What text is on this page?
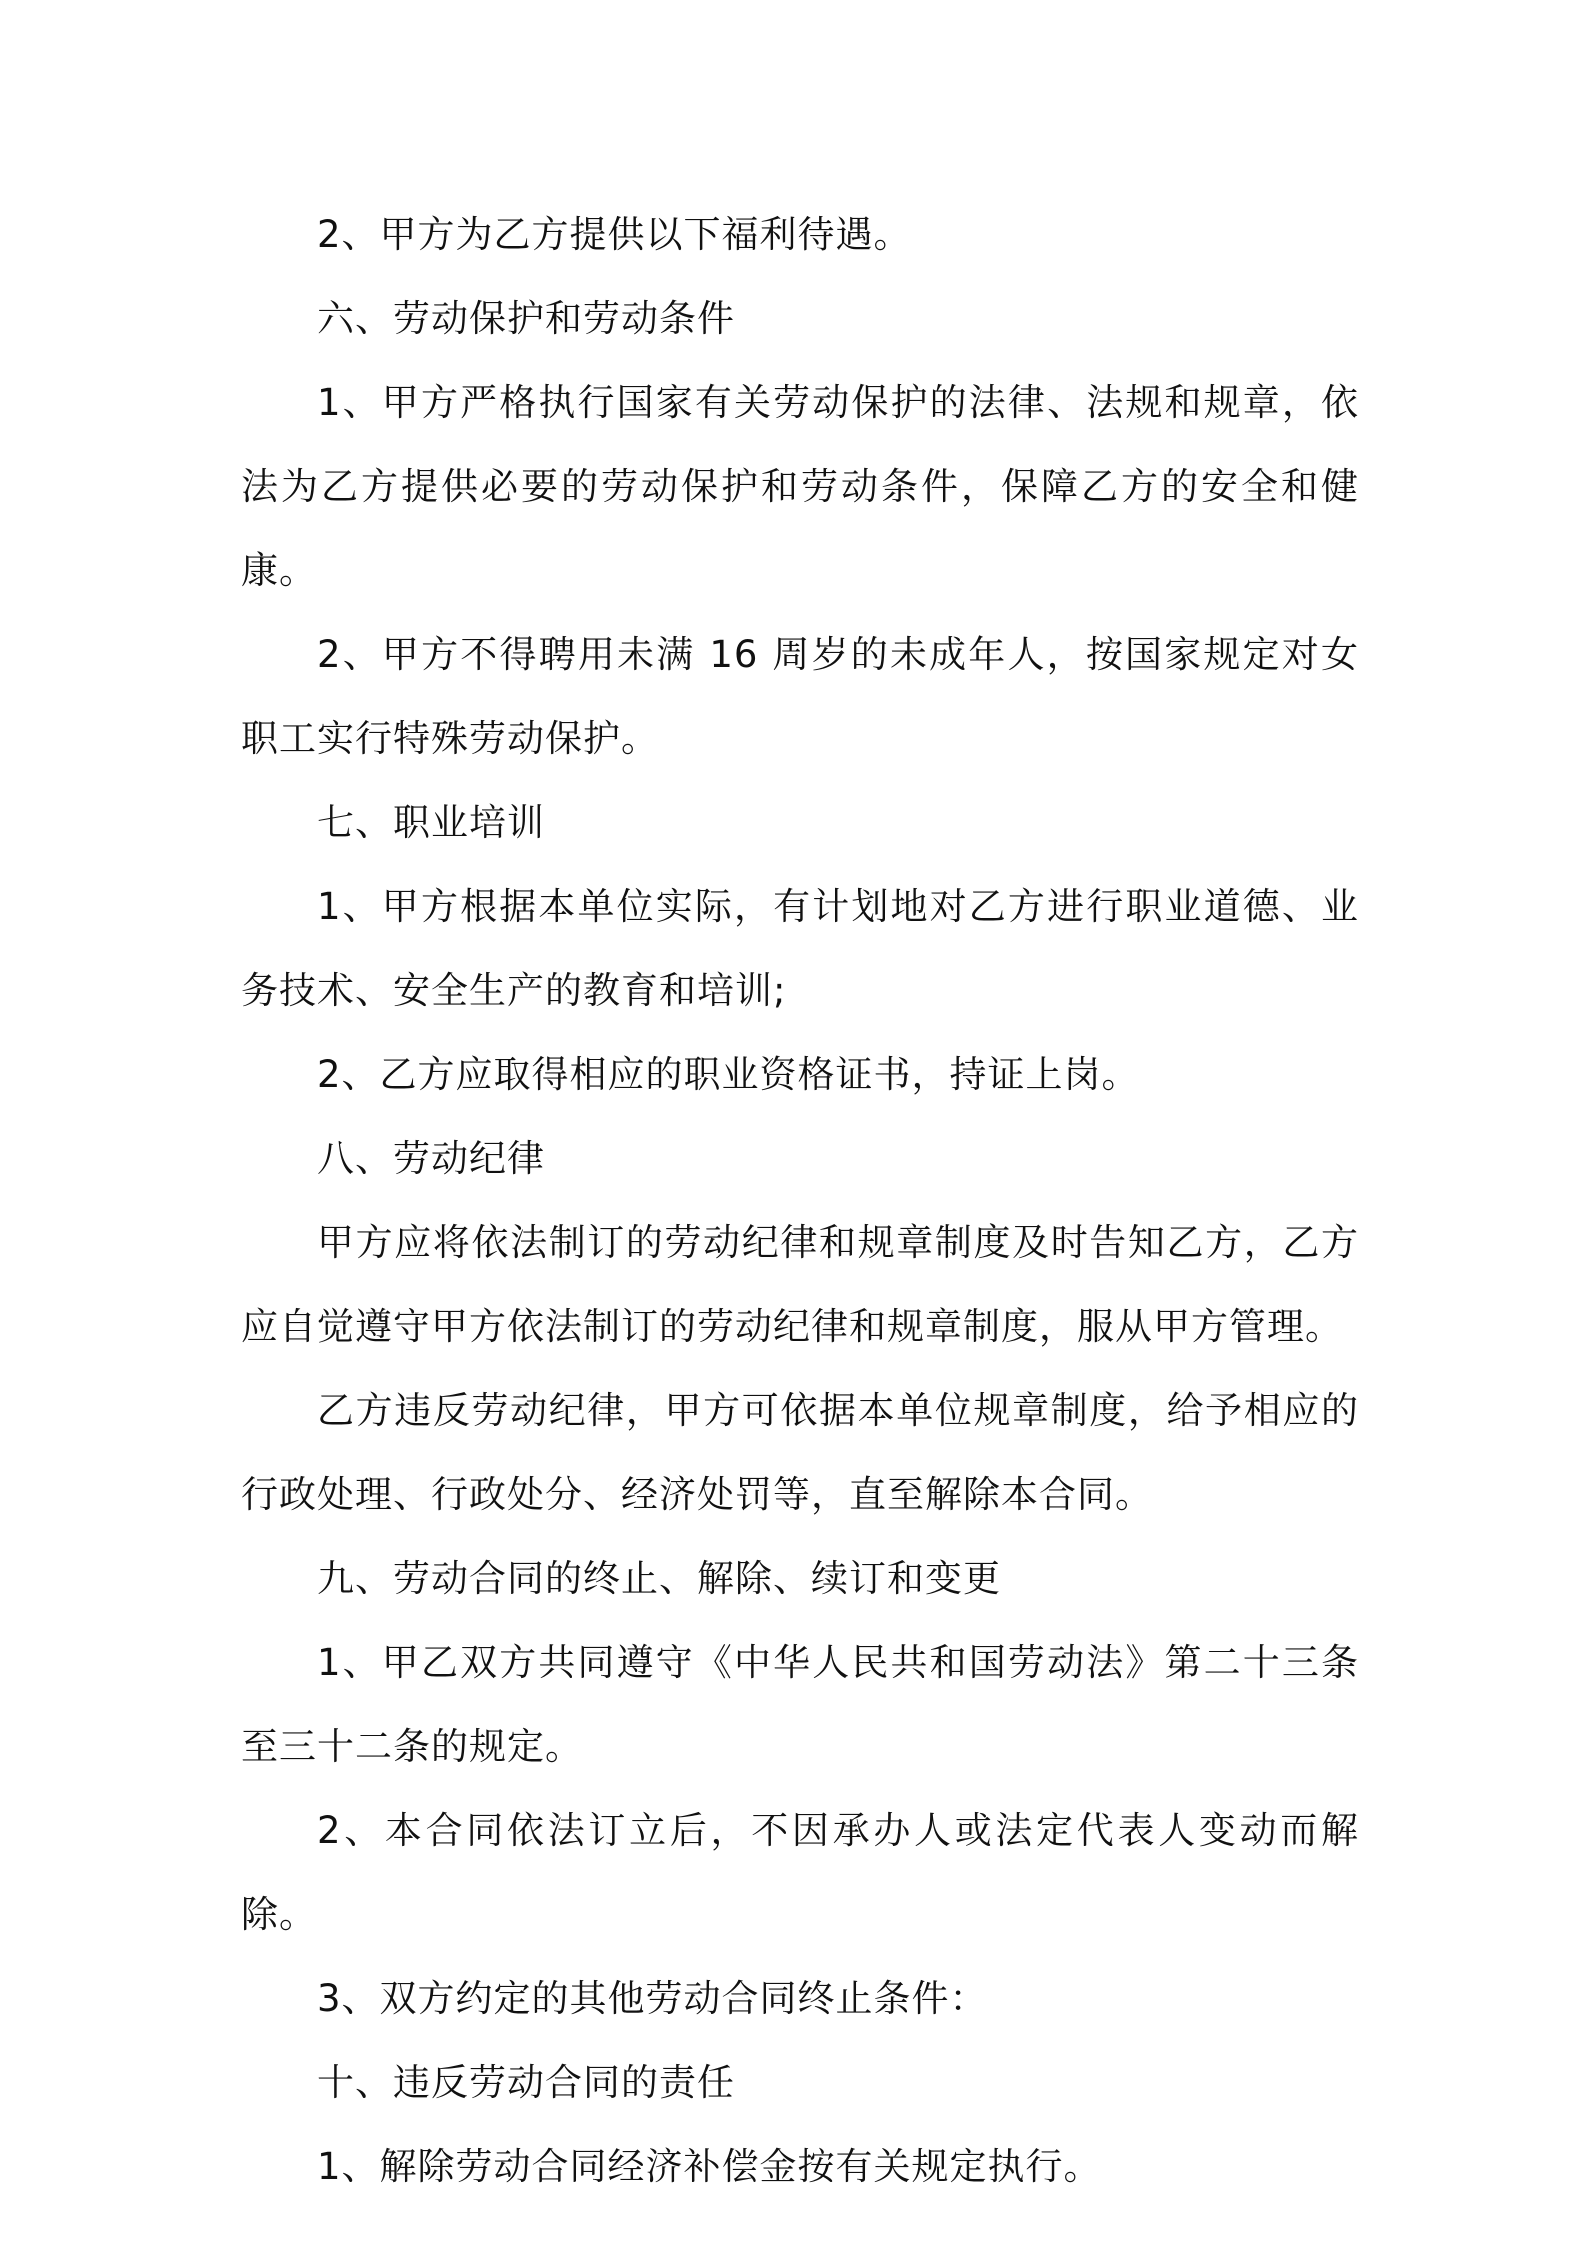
2、甲方为乙方提供以下福利待遇。

六、劳动保护和劳动条件

1、甲方严格执行国家有关劳动保护的法律、法规和规章，依法为乙方提供必要的劳动保护和劳动条件，保障乙方的安全和健康。

2、甲方不得聘用未满 16 周岁的未成年人，按国家规定对女职工实行特殊劳动保护。

七、职业培训

1、甲方根据本单位实际，有计划地对乙方进行职业道德、业务技术、安全生产的教育和培训;

2、乙方应取得相应的职业资格证书，持证上岗。

八、劳动纪律

甲方应将依法制订的劳动纪律和规章制度及时告知乙方，乙方应自觉遵守甲方依法制订的劳动纪律和规章制度，服从甲方管理。

乙方违反劳动纪律，甲方可依据本单位规章制度，给予相应的行政处理、行政处分、经济处罚等，直至解除本合同。

九、劳动合同的终止、解除、续订和变更

1、甲乙双方共同遵守《中华人民共和国劳动法》第二十三条至三十二条的规定。

2、本合同依法订立后，不因承办人或法定代表人变动而解除。

3、双方约定的其他劳动合同终止条件：

十、违反劳动合同的责任

1、解除劳动合同经济补偿金按有关规定执行。
